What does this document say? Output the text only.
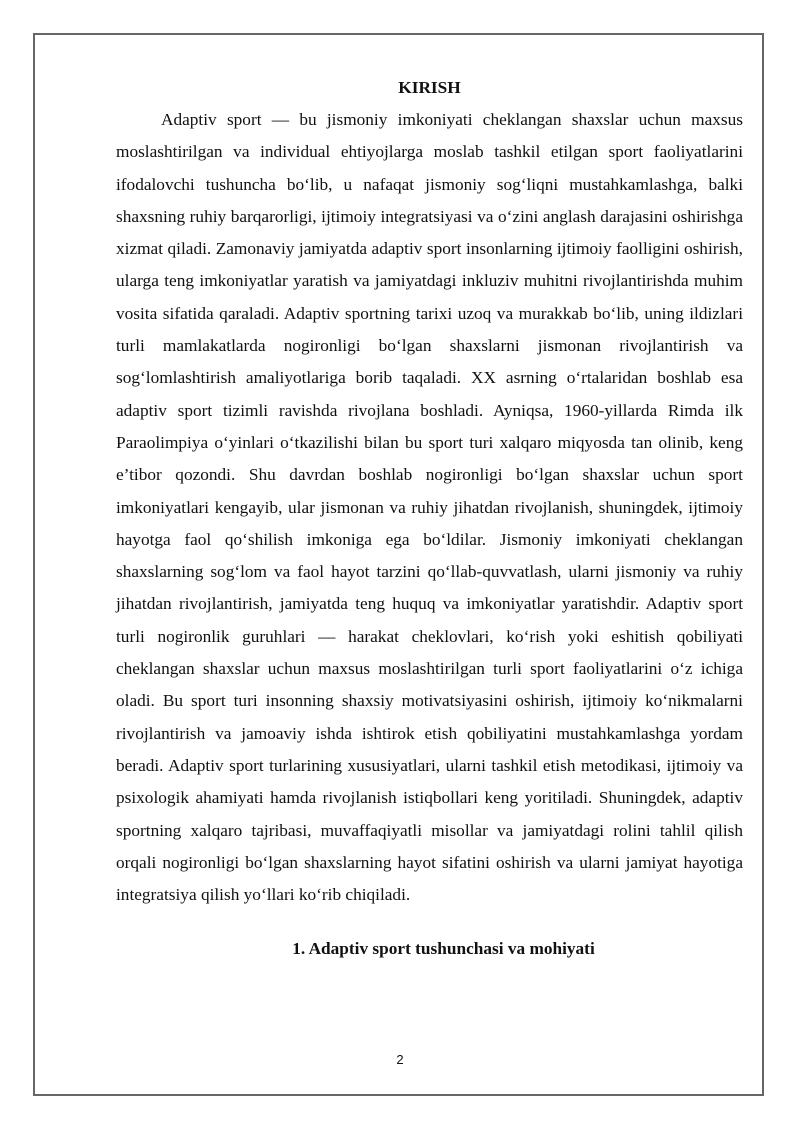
KIRISH

Adaptiv sport — bu jismoniy imkoniyati cheklangan shaxslar uchun maxsus moslashtirilgan va individual ehtiyojlarga moslab tashkil etilgan sport faoliyatlarini ifodalovchi tushuncha boʻlib, u nafaqat jismoniy sogʻliqni mustahkamlashga, balki shaxsning ruhiy barqarorligi, ijtimoiy integratsiyasi va oʻzini anglash darajasini oshirishga xizmat qiladi. Zamonaviy jamiyatda adaptiv sport insonlarning ijtimoiy faolligini oshirish, ularga teng imkoniyatlar yaratish va jamiyatdagi inkluziv muhitni rivojlantirishda muhim vosita sifatida qaraladi. Adaptiv sportning tarixi uzoq va murakkab boʻlib, uning ildizlari turli mamlakatlarda nogironligi boʻlgan shaxslarni jismonan rivojlantirish va sogʻlomlashtirish amaliyotlariga borib taqaladi. XX asrning oʻrtalaridan boshlab esa adaptiv sport tizimli ravishda rivojlana boshladi. Ayniqsa, 1960-yillarda Rimda ilk Paraolimpiya oʻyinlari oʻtkazilishi bilan bu sport turi xalqaro miqyosda tan olinib, keng e’tibor qozondi. Shu davrdan boshlab nogironligi boʻlgan shaxslar uchun sport imkoniyatlari kengayib, ular jismonan va ruhiy jihatdan rivojlanish, shuningdek, ijtimoiy hayotga faol qoʻshilish imkoniga ega boʻldilar. Jismoniy imkoniyati cheklangan shaxslarning sogʻlom va faol hayot tarzini qoʻllab-quvvatlash, ularni jismoniy va ruhiy jihatdan rivojlantirish, jamiyatda teng huquq va imkoniyatlar yaratishdir. Adaptiv sport turli nogironlik guruhlari — harakat cheklovlari, koʻrish yoki eshitish qobiliyati cheklangan shaxslar uchun maxsus moslashtirilgan turli sport faoliyatlarini oʻz ichiga oladi. Bu sport turi insonning shaxsiy motivatsiyasini oshirish, ijtimoiy koʻnikmalarni rivojlantirish va jamoaviy ishda ishtirok etish qobiliyatini mustahkamlashga yordam beradi. Adaptiv sport turlarining xususiyatlari, ularni tashkil etish metodikasi, ijtimoiy va psixologik ahamiyati hamda rivojlanish istiqbollari keng yoritiladi. Shuningdek, adaptiv sportning xalqaro tajribasi, muvaffaqiyatli misollar va jamiyatdagi rolini tahlil qilish orqali nogironligi boʻlgan shaxslarning hayot sifatini oshirish va ularni jamiyat hayotiga integratsiya qilish yoʻllari koʻrib chiqiladi.

1. Adaptiv sport tushunchasi va mohiyati
2
